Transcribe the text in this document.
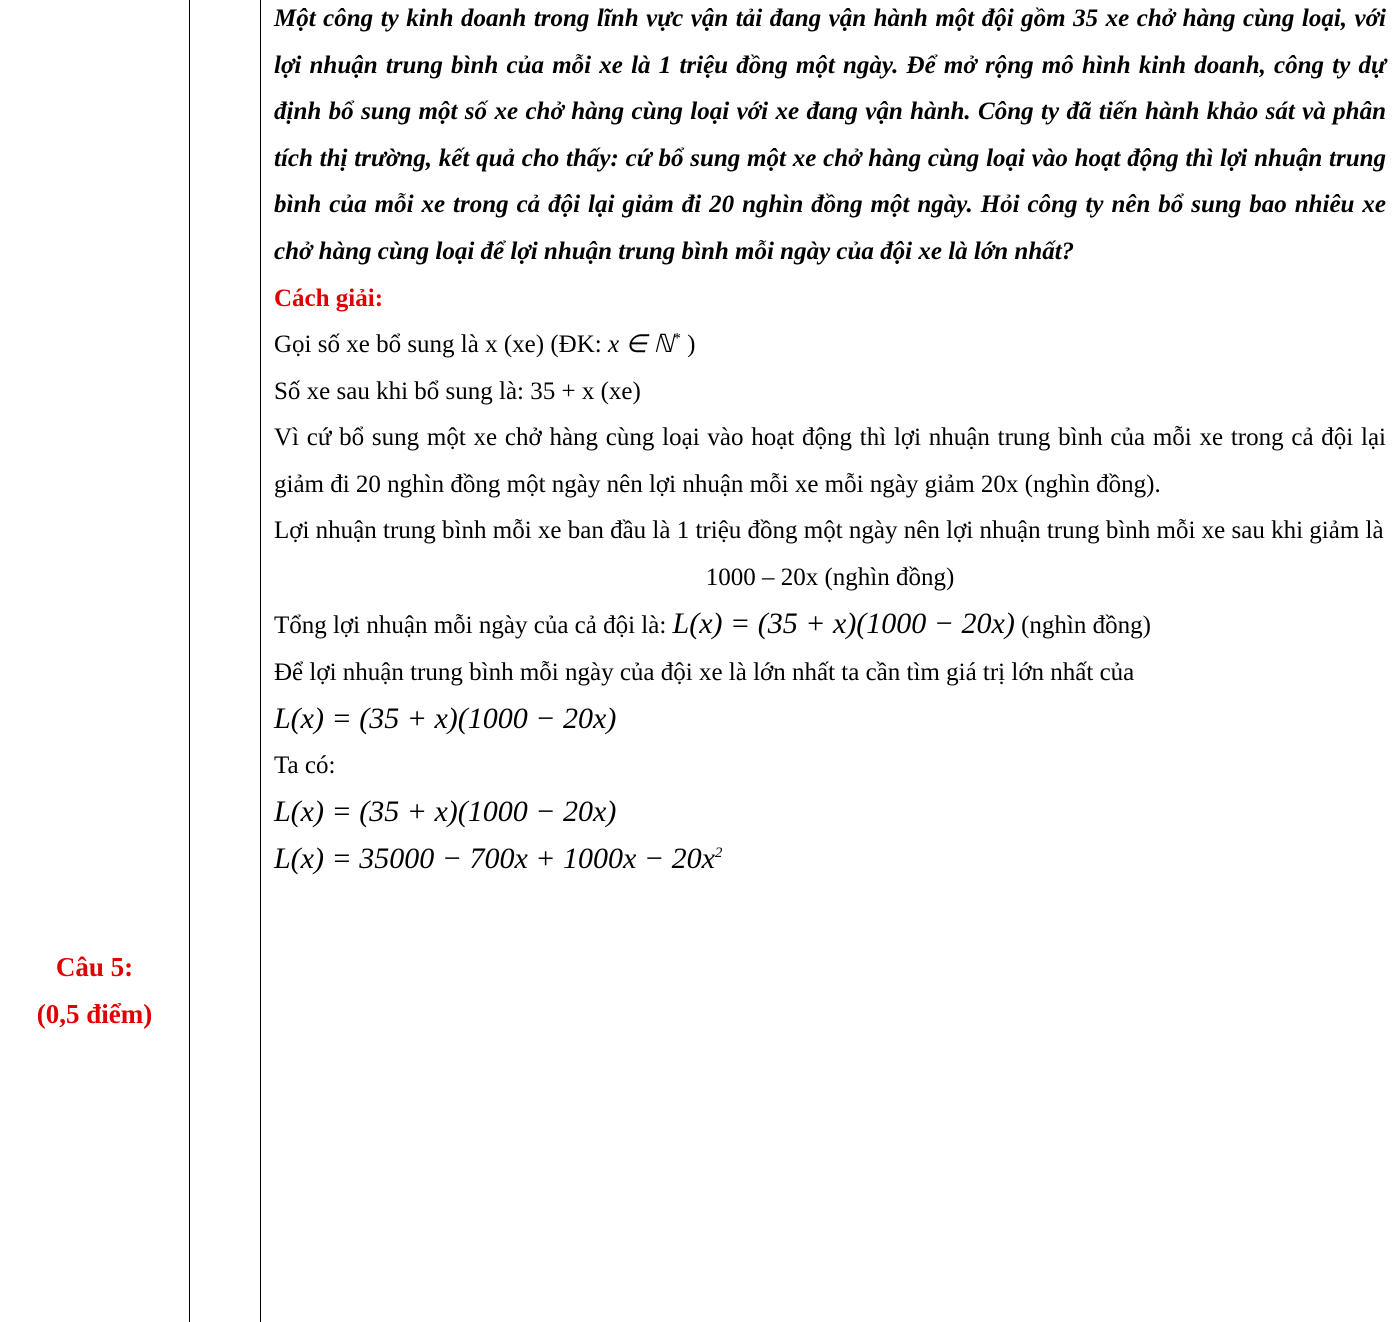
Câu 5:
(0,5 điểm)
Một công ty kinh doanh trong lĩnh vực vận tải đang vận hành một đội gồm 35 xe chở hàng cùng loại, với lợi nhuận trung bình của mỗi xe là 1 triệu đồng một ngày. Để mở rộng mô hình kinh doanh, công ty dự định bổ sung một số xe chở hàng cùng loại với xe đang vận hành. Công ty đã tiến hành khảo sát và phân tích thị trường, kết quả cho thấy: cứ bổ sung một xe chở hàng cùng loại vào hoạt động thì lợi nhuận trung bình của mỗi xe trong cả đội lại giảm đi 20 nghìn đồng một ngày. Hỏi công ty nên bổ sung bao nhiêu xe chở hàng cùng loại để lợi nhuận trung bình mỗi ngày của đội xe là lớn nhất?
Cách giải:
Gọi số xe bổ sung là x (xe) (ĐK: x ∈ ℕ* )
Số xe sau khi bổ sung là: 35 + x (xe)
Vì cứ bổ sung một xe chở hàng cùng loại vào hoạt động thì lợi nhuận trung bình của mỗi xe trong cả đội lại giảm đi 20 nghìn đồng một ngày nên lợi nhuận mỗi xe mỗi ngày giảm 20x (nghìn đồng).
Lợi nhuận trung bình mỗi xe ban đầu là 1 triệu đồng một ngày nên lợi nhuận trung bình mỗi xe sau khi giảm là
1000 – 20x (nghìn đồng)
Tổng lợi nhuận mỗi ngày của cả đội là: L(x) = (35 + x)(1000 − 20x) (nghìn đồng)
Để lợi nhuận trung bình mỗi ngày của đội xe là lớn nhất ta cần tìm giá trị lớn nhất của
L(x) = (35 + x)(1000 − 20x)
Ta có:
L(x) = (35 + x)(1000 − 20x)
$L(x) = 35000 - 700x + 1000x - 20x^2$
